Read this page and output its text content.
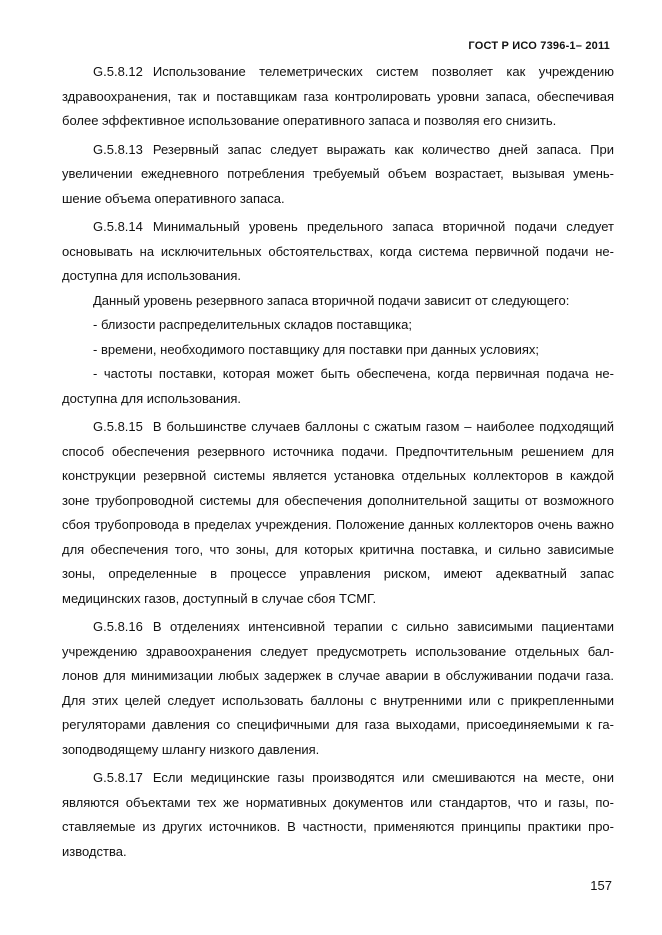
ГОСТ Р ИСО 7396-1– 2011

G.5.8.12 Использование телеметрических систем позволяет как учреждению здравоохранения, так и поставщикам газа контролировать уровни запаса, обеспечивая более эффективное использование оперативного запаса и позволяя его снизить.

G.5.8.13 Резервный запас следует выражать как количество дней запаса. При увеличении ежедневного потребления требуемый объем возрастает, вызывая уменьшение объема оперативного запаса.

G.5.8.14 Минимальный уровень предельного запаса вторичной подачи следует основывать на исключительных обстоятельствах, когда система первичной подачи недоступна для использования.

Данный уровень резервного запаса вторичной подачи зависит от следующего:

- близости распределительных складов поставщика;

- времени, необходимого поставщику для поставки при данных условиях;

- частоты поставки, которая может быть обеспечена, когда первичная подача недоступна для использования.

G.5.8.15 В большинстве случаев баллоны с сжатым газом – наиболее подходящий способ обеспечения резервного источника подачи. Предпочтительным решением для конструкции резервной системы является установка отдельных коллекторов в каждой зоне трубопроводной системы для обеспечения дополнительной защиты от возможного сбоя трубопровода в пределах учреждения. Положение данных коллекторов очень важно для обеспечения того, что зоны, для которых критична поставка, и сильно зависимые зоны, определенные в процессе управления риском, имеют адекватный запас медицинских газов, доступный в случае сбоя ТСМГ.

G.5.8.16 В отделениях интенсивной терапии с сильно зависимыми пациентами учреждению здравоохранения следует предусмотреть использование отдельных баллонов для минимизации любых задержек в случае аварии в обслуживании подачи газа. Для этих целей следует использовать баллоны с внутренними или с прикрепленными регуляторами давления со специфичными для газа выходами, присоединяемыми к газоподводящему шлангу низкого давления.

G.5.8.17 Если медицинские газы производятся или смешиваются на месте, они являются объектами тех же нормативных документов или стандартов, что и газы, поставляемые из других источников. В частности, применяются принципы практики производства.

157
